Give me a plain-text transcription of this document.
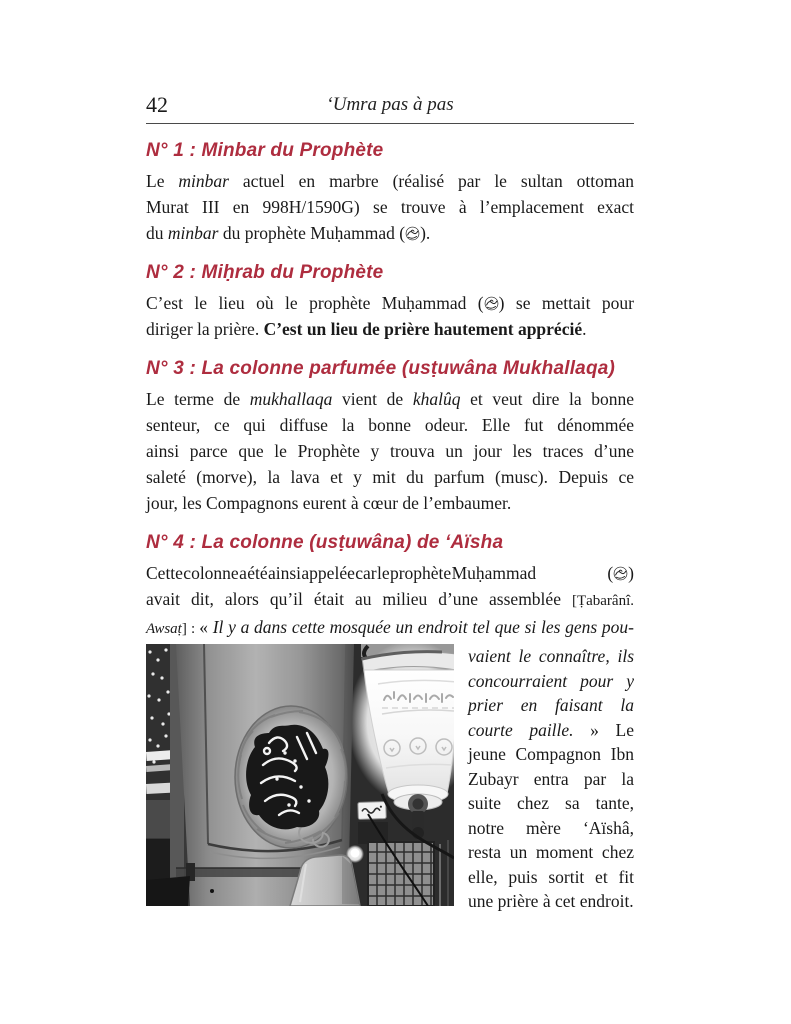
42	‘Umra pas à pas
N° 1 : Minbar du Prophète
Le minbar actuel en marbre (réalisé par le sultan ottoman
Murat III en 998H/1590G) se trouve à l’emplacement exact
du minbar du prophète Muḥammad ( ).
N° 2 : Miḥrab du Prophète
C’est le lieu où le prophète Muḥammad ( ) se mettait pour
diriger la prière. C’est un lieu de prière hautement apprécié.
N° 3 : La colonne parfumée (usṭuwâna Mukhallaqa)
Le terme de mukhallaqa vient de khalûq et veut dire la bonne
senteur, ce qui diffuse la bonne odeur. Elle fut dénommée
ainsi parce que le Prophète y trouva un jour les traces d’une
saleté (morve), la lava et y mit du parfum (musc). Depuis ce
jour, les Compagnons eurent à cœur de l’embaumer.
N° 4 : La colonne (usṭuwâna) de ‘Aïsha
Cette colonne a été ainsi appelée car le prophète Muḥammad	( )
avait dit, alors qu’il était au milieu d’une assemblée [Ṭabarânî.
Awsaṭ] : « Il y a dans cette mosquée un endroit tel que si les gens pou-
vaient le connaître, ils concourraient pour y prier en faisant la courte paille. » Le jeune Compagnon Ibn Zubayr entra par la suite chez sa tante, notre mère ‘Aïshâ, resta un moment chez elle, puis sortit et fit une prière à cet endroit.
